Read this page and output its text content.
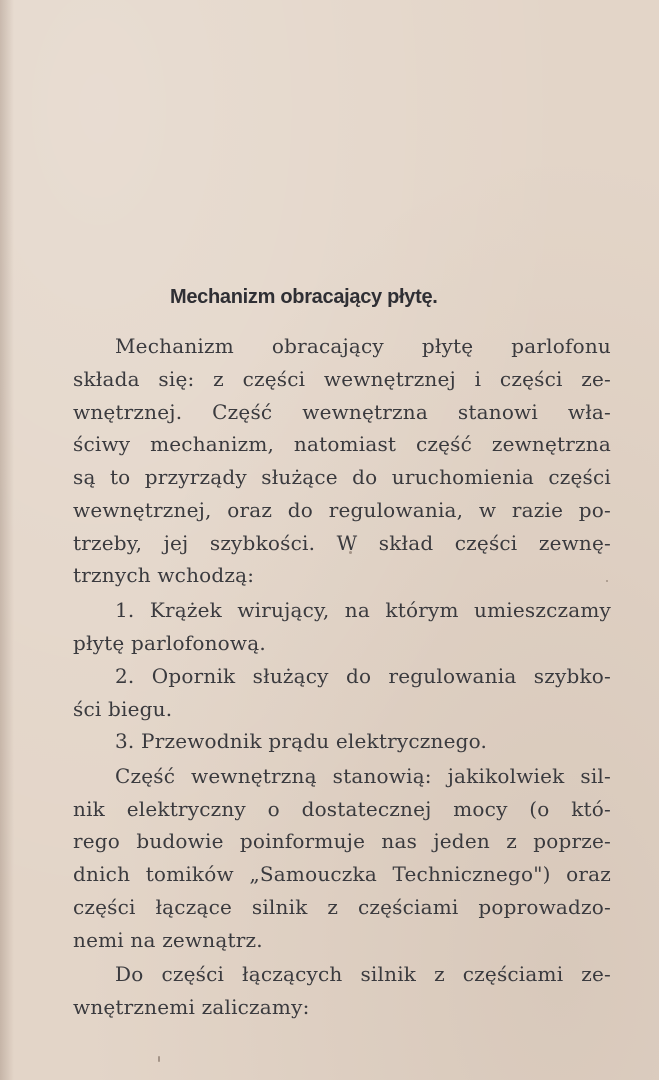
Mechanizm obracający płytę.
Mechanizm obracający płytę parlofonu
składa się: z części wewnętrznej i części ze-
wnętrznej. Część wewnętrzna stanowi wła-
ściwy mechanizm, natomiast część zewnętrzna
są to przyrządy służące do uruchomienia części
wewnętrznej, oraz do regulowania, w razie po-
trzeby, jej szybkości. W skład części zewnę-
trznych wchodzą:
1. Krążek wirujący, na którym umieszczamy
płytę parlofonową.
2. Opornik służący do regulowania szybko-
ści biegu.
3. Przewodnik prądu elektrycznego.
Część wewnętrzną stanowią: jakikolwiek sil-
nik elektryczny o dostatecznej mocy (o któ-
rego budowie poinformuje nas jeden z poprze-
dnich tomików „Samouczka Technicznego") oraz
części łączące silnik z częściami poprowadzo-
nemi na zewnątrz.
Do części łączących silnik z częściami ze-
wnętrznemi zaliczamy:
